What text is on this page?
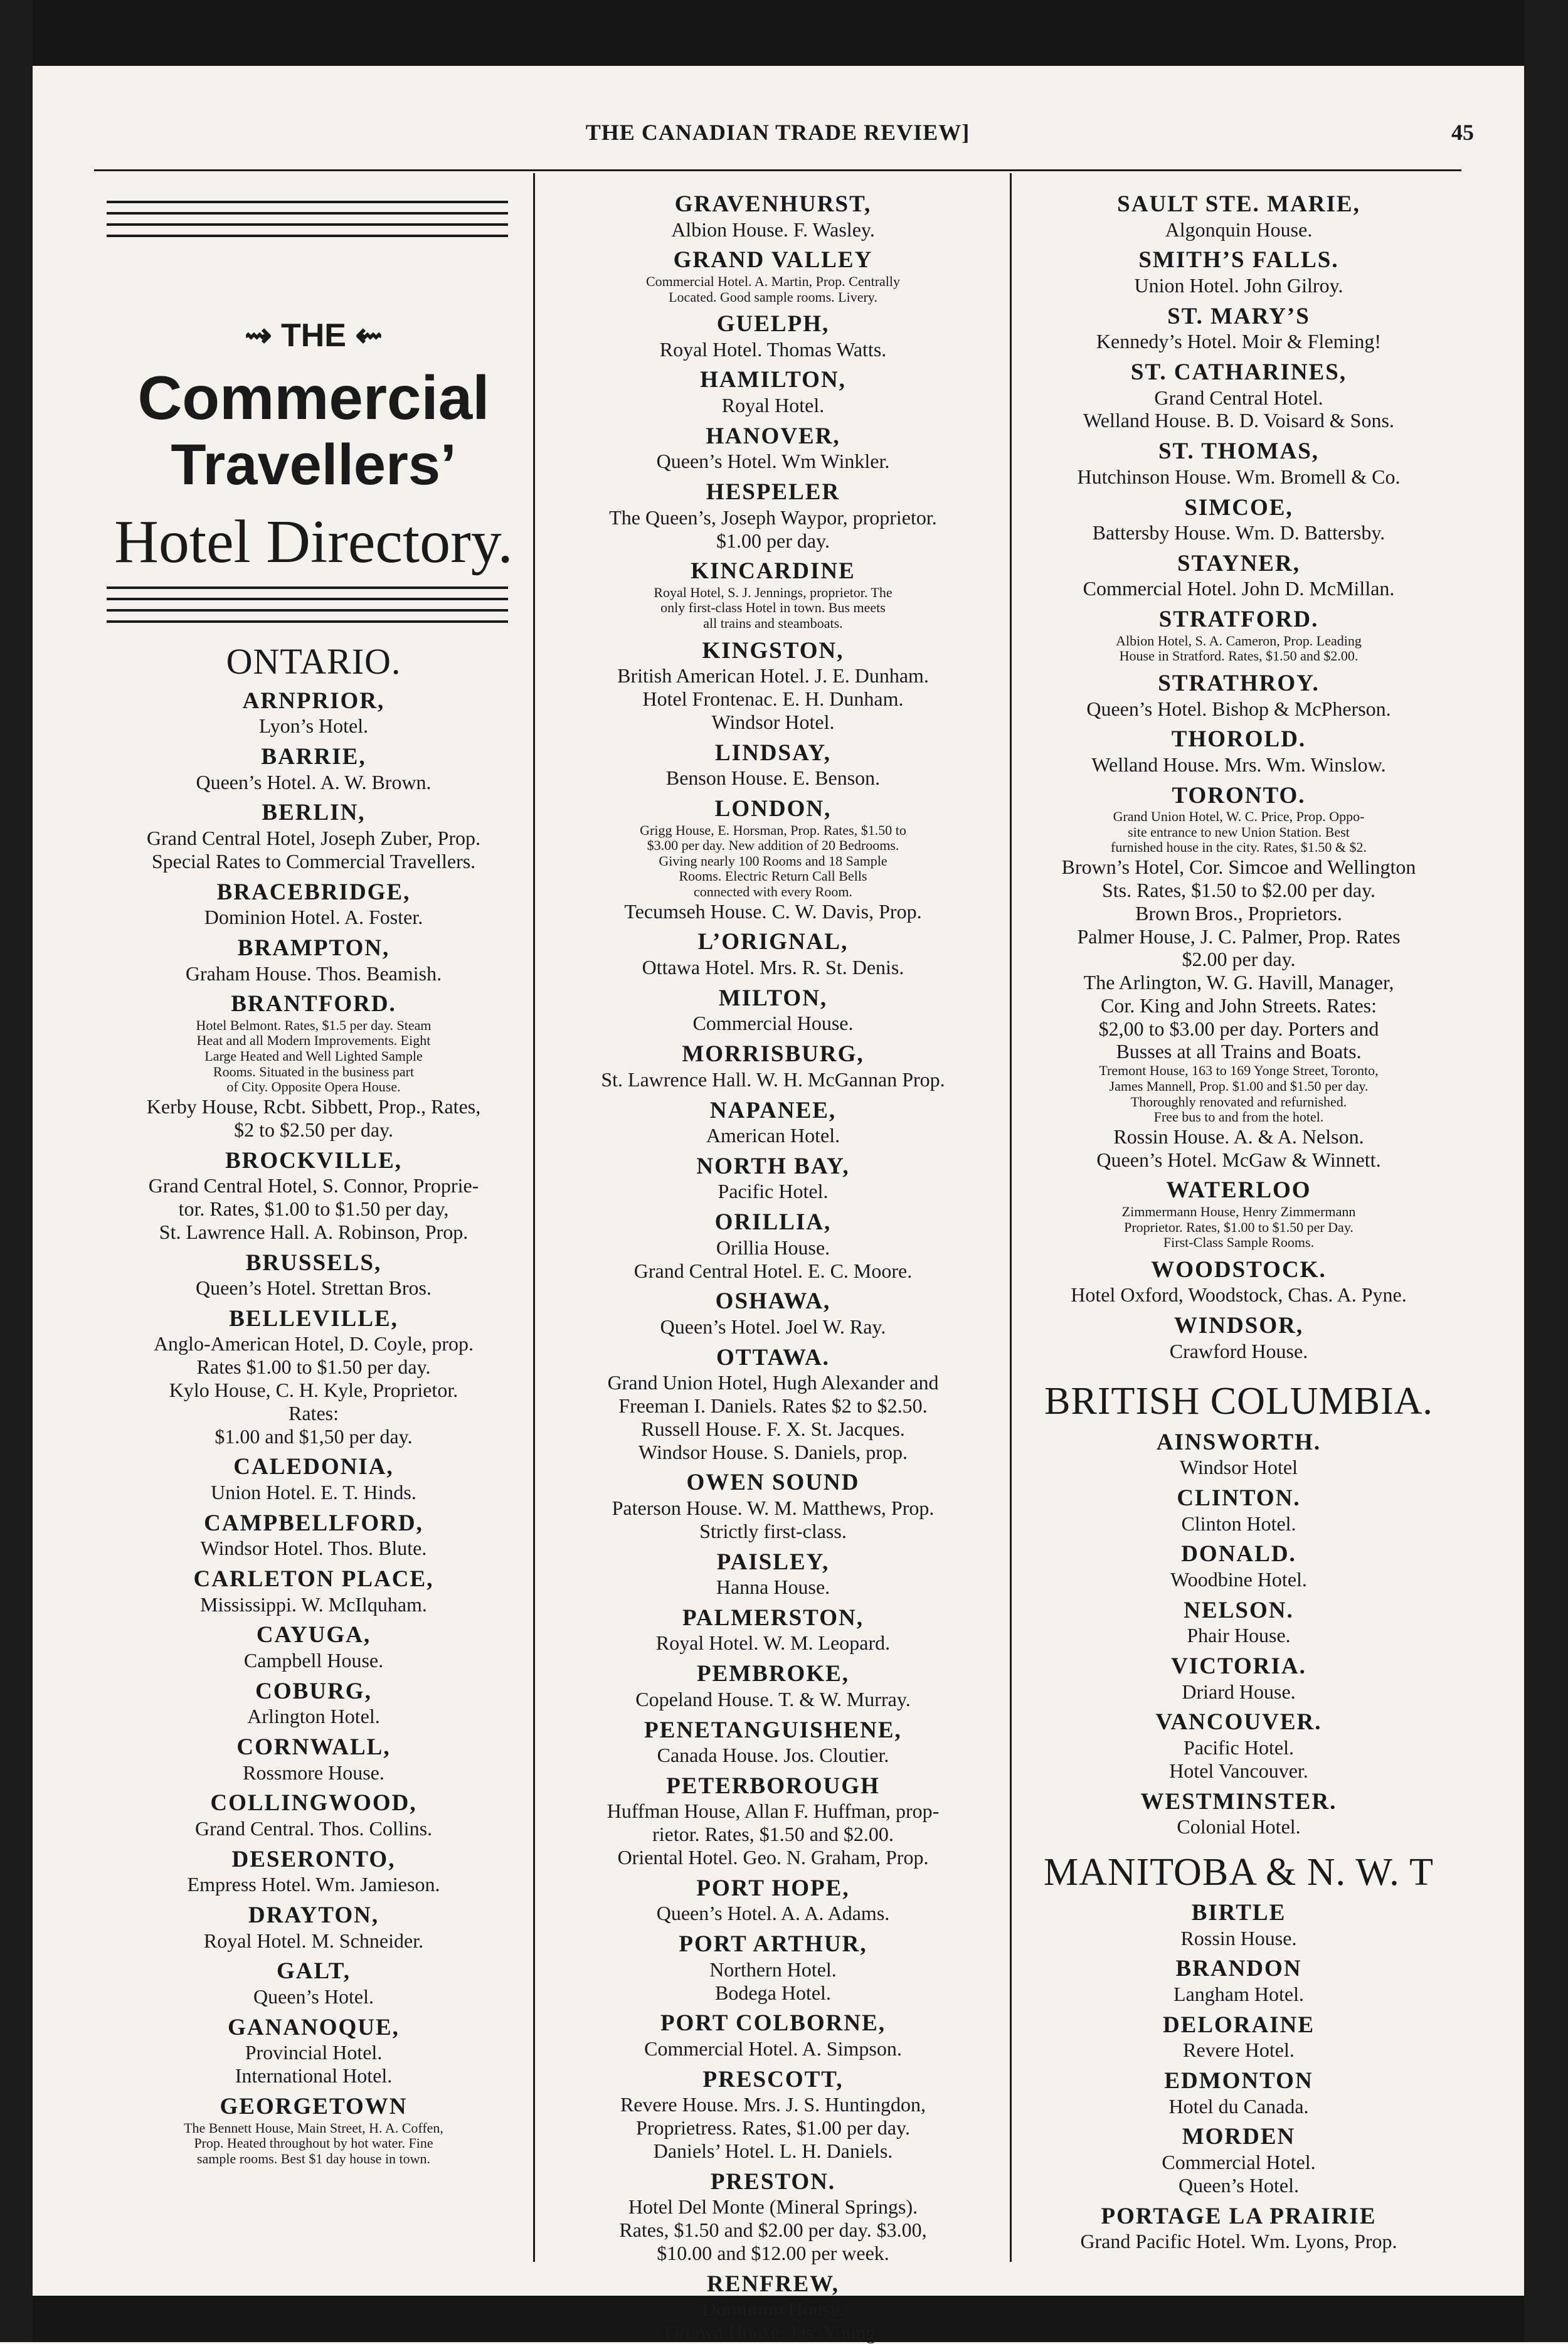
THE CANADIAN TRADE REVIEW]	45
⇝ THE ⇜
Commercial
Travellers’
Hotel Directory.
ONTARIO.
ARNPRIOR,
Lyon’s Hotel.
BARRIE,
Queen’s Hotel. A. W. Brown.
BERLIN,
Grand Central Hotel, Joseph Zuber, Prop.
Special Rates to Commercial Travellers.
BRACEBRIDGE,
Dominion Hotel. A. Foster.
BRAMPTON,
Graham House. Thos. Beamish.
BRANTFORD.
Hotel Belmont. Rates, $1.5 per day. Steam
Heat and all Modern Improvements. Eight
Large Heated and Well Lighted Sample
Rooms. Situated in the business part
of City. Opposite Opera House.
Kerby House, Rcbt. Sibbett, Prop., Rates,
$2 to $2.50 per day.
BROCKVILLE,
Grand Central Hotel, S. Connor, Proprie-
tor. Rates, $1.00 to $1.50 per day,
St. Lawrence Hall. A. Robinson, Prop.
BRUSSELS,
Queen’s Hotel. Strettan Bros.
BELLEVILLE,
Anglo-American Hotel, D. Coyle, prop.
Rates $1.00 to $1.50 per day.
Kylo House, C. H. Kyle, Proprietor.
Rates:
$1.00 and $1,50 per day.
CALEDONIA,
Union Hotel. E. T. Hinds.
CAMPBELLFORD,
Windsor Hotel. Thos. Blute.
CARLETON PLACE,
Mississippi. W. McIlquham.
CAYUGA,
Campbell House.
COBURG,
Arlington Hotel.
CORNWALL,
Rossmore House.
COLLINGWOOD,
Grand Central. Thos. Collins.
DESERONTO,
Empress Hotel. Wm. Jamieson.
DRAYTON,
Royal Hotel. M. Schneider.
GALT,
Queen’s Hotel.
GANANOQUE,
Provincial Hotel.
International Hotel.
GEORGETOWN
The Bennett House, Main Street, H. A. Coffen,
Prop. Heated throughout by hot water. Fine
sample rooms. Best $1 day house in town.
GRAVENHURST,
Albion House. F. Wasley.
GRAND VALLEY
Commercial Hotel. A. Martin, Prop. Centrally
Located. Good sample rooms. Livery.
GUELPH,
Royal Hotel. Thomas Watts.
HAMILTON,
Royal Hotel.
HANOVER,
Queen’s Hotel. Wm Winkler.
HESPELER
The Queen’s, Joseph Waypor, proprietor.
$1.00 per day.
KINCARDINE
Royal Hotel, S. J. Jennings, proprietor. The
only first-class Hotel in town. Bus meets
all trains and steamboats.
KINGSTON,
British American Hotel. J. E. Dunham.
Hotel Frontenac. E. H. Dunham.
Windsor Hotel.
LINDSAY,
Benson House. E. Benson.
LONDON,
Grigg House, E. Horsman, Prop. Rates, $1.50 to
$3.00 per day. New addition of 20 Bedrooms.
Giving nearly 100 Rooms and 18 Sample
Rooms. Electric Return Call Bells
connected with every Room.
Tecumseh House. C. W. Davis, Prop.
L’ORIGNAL,
Ottawa Hotel. Mrs. R. St. Denis.
MILTON,
Commercial House.
MORRISBURG,
St. Lawrence Hall. W. H. McGannan Prop.
NAPANEE,
American Hotel.
NORTH BAY,
Pacific Hotel.
ORILLIA,
Orillia House.
Grand Central Hotel. E. C. Moore.
OSHAWA,
Queen’s Hotel. Joel W. Ray.
OTTAWA.
Grand Union Hotel, Hugh Alexander and
Freeman I. Daniels. Rates $2 to $2.50.
Russell House. F. X. St. Jacques.
Windsor House. S. Daniels, prop.
OWEN SOUND
Paterson House. W. M. Matthews, Prop.
Strictly first-class.
PAISLEY,
Hanna House.
PALMERSTON,
Royal Hotel. W. M. Leopard.
PEMBROKE,
Copeland House. T. & W. Murray.
PENETANGUISHENE,
Canada House. Jos. Cloutier.
PETERBOROUGH
Huffman House, Allan F. Huffman, prop-
rietor. Rates, $1.50 and $2.00.
Oriental Hotel. Geo. N. Graham, Prop.
PORT HOPE,
Queen’s Hotel. A. A. Adams.
PORT ARTHUR,
Northern Hotel.
Bodega Hotel.
PORT COLBORNE,
Commercial Hotel. A. Simpson.
PRESCOTT,
Revere House. Mrs. J. S. Huntingdon,
Proprietress. Rates, $1.00 per day.
Daniels’ Hotel. L. H. Daniels.
PRESTON.
Hotel Del Monte (Mineral Springs).
Rates, $1.50 and $2.00 per day. $3.00,
$10.00 and $12.00 per week.
RENFREW,
Dominion House.
Ottawa House. Jas. Young.
SAULT STE. MARIE,
Algonquin House.
SMITH’S FALLS.
Union Hotel. John Gilroy.
ST. MARY’S
Kennedy’s Hotel. Moir & Fleming!
ST. CATHARINES,
Grand Central Hotel.
Welland House. B. D. Voisard & Sons.
ST. THOMAS,
Hutchinson House. Wm. Bromell & Co.
SIMCOE,
Battersby House. Wm. D. Battersby.
STAYNER,
Commercial Hotel. John D. McMillan.
STRATFORD.
Albion Hotel, S. A. Cameron, Prop. Leading
House in Stratford. Rates, $1.50 and $2.00.
STRATHROY.
Queen’s Hotel. Bishop & McPherson.
THOROLD.
Welland House. Mrs. Wm. Winslow.
TORONTO.
Grand Union Hotel, W. C. Price, Prop. Oppo-
site entrance to new Union Station. Best
furnished house in the city. Rates, $1.50 & $2.
Brown’s Hotel, Cor. Simcoe and Wellington
Sts. Rates, $1.50 to $2.00 per day.
Brown Bros., Proprietors.
Palmer House, J. C. Palmer, Prop. Rates
$2.00 per day.
The Arlington, W. G. Havill, Manager,
Cor. King and John Streets. Rates:
$2,00 to $3.00 per day. Porters and
Busses at all Trains and Boats.
Tremont House, 163 to 169 Yonge Street, Toronto,
James Mannell, Prop. $1.00 and $1.50 per day.
Thoroughly renovated and refurnished.
Free bus to and from the hotel.
Rossin House. A. & A. Nelson.
Queen’s Hotel. McGaw & Winnett.
WATERLOO
Zimmermann House, Henry Zimmermann
Proprietor. Rates, $1.00 to $1.50 per Day.
First-Class Sample Rooms.
WOODSTOCK.
Hotel Oxford, Woodstock, Chas. A. Pyne.
WINDSOR,
Crawford House.
BRITISH COLUMBIA.
AINSWORTH.
Windsor Hotel
CLINTON.
Clinton Hotel.
DONALD.
Woodbine Hotel.
NELSON.
Phair House.
VICTORIA.
Driard House.
VANCOUVER.
Pacific Hotel.
Hotel Vancouver.
WESTMINSTER.
Colonial Hotel.
MANITOBA & N. W. T
BIRTLE
Rossin House.
BRANDON
Langham Hotel.
DELORAINE
Revere Hotel.
EDMONTON
Hotel du Canada.
MORDEN
Commercial Hotel.
Queen’s Hotel.
PORTAGE LA PRAIRIE
Grand Pacific Hotel. Wm. Lyons, Prop.
